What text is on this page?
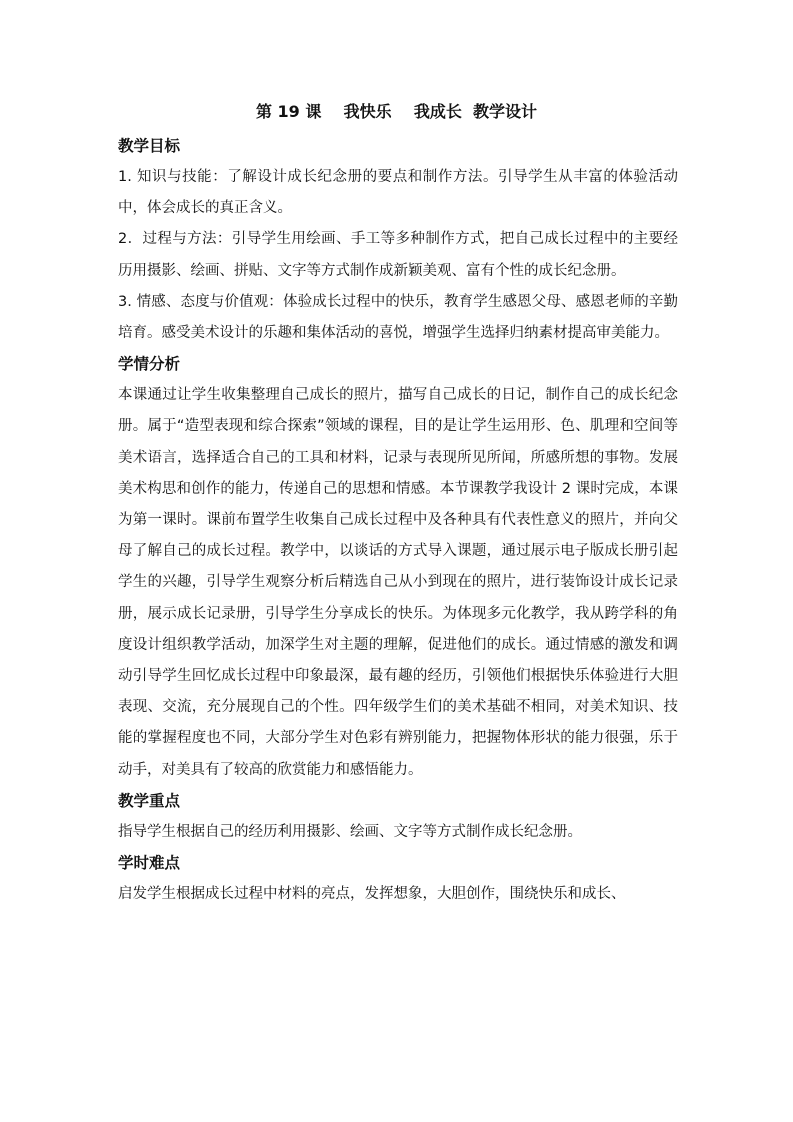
第 19 课    我快乐    我成长  教学设计
教学目标

1. 知识与技能：了解设计成长纪念册的要点和制作方法。引导学生从丰富的体验活动中，体会成长的真正含义。

2．过程与方法：引导学生用绘画、手工等多种制作方式，把自己成长过程中的主要经历用摄影、绘画、拼贴、文字等方式制作成新颖美观、富有个性的成长纪念册。

3. 情感、态度与价值观：体验成长过程中的快乐，教育学生感恩父母、感恩老师的辛勤培育。感受美术设计的乐趣和集体活动的喜悦，增强学生选择归纳素材提高审美能力。

学情分析

本课通过让学生收集整理自己成长的照片，描写自己成长的日记，制作自己的成长纪念册。属于“造型表现和综合探索”领域的课程，目的是让学生运用形、色、肌理和空间等美术语言，选择适合自己的工具和材料，记录与表现所见所闻，所感所想的事物。发展美术构思和创作的能力，传递自己的思想和情感。本节课教学我设计 2 课时完成，本课为第一课时。课前布置学生收集自己成长过程中及各种具有代表性意义的照片，并向父母了解自己的成长过程。教学中，以谈话的方式导入课题，通过展示电子版成长册引起学生的兴趣，引导学生观察分析后精选自己从小到现在的照片，进行装饰设计成长记录册，展示成长记录册，引导学生分享成长的快乐。为体现多元化教学，我从跨学科的角度设计组织教学活动，加深学生对主题的理解，促进他们的成长。通过情感的激发和调动引导学生回忆成长过程中印象最深，最有趣的经历，引领他们根据快乐体验进行大胆表现、交流，充分展现自己的个性。四年级学生们的美术基础不相同，对美术知识、技能的掌握程度也不同，大部分学生对色彩有辨别能力，把握物体形状的能力很强，乐于动手，对美具有了较高的欣赏能力和感悟能力。

教学重点

指导学生根据自己的经历利用摄影、绘画、文字等方式制作成长纪念册。

学时难点

启发学生根据成长过程中材料的亮点，发挥想象，大胆创作，围绕快乐和成长、
